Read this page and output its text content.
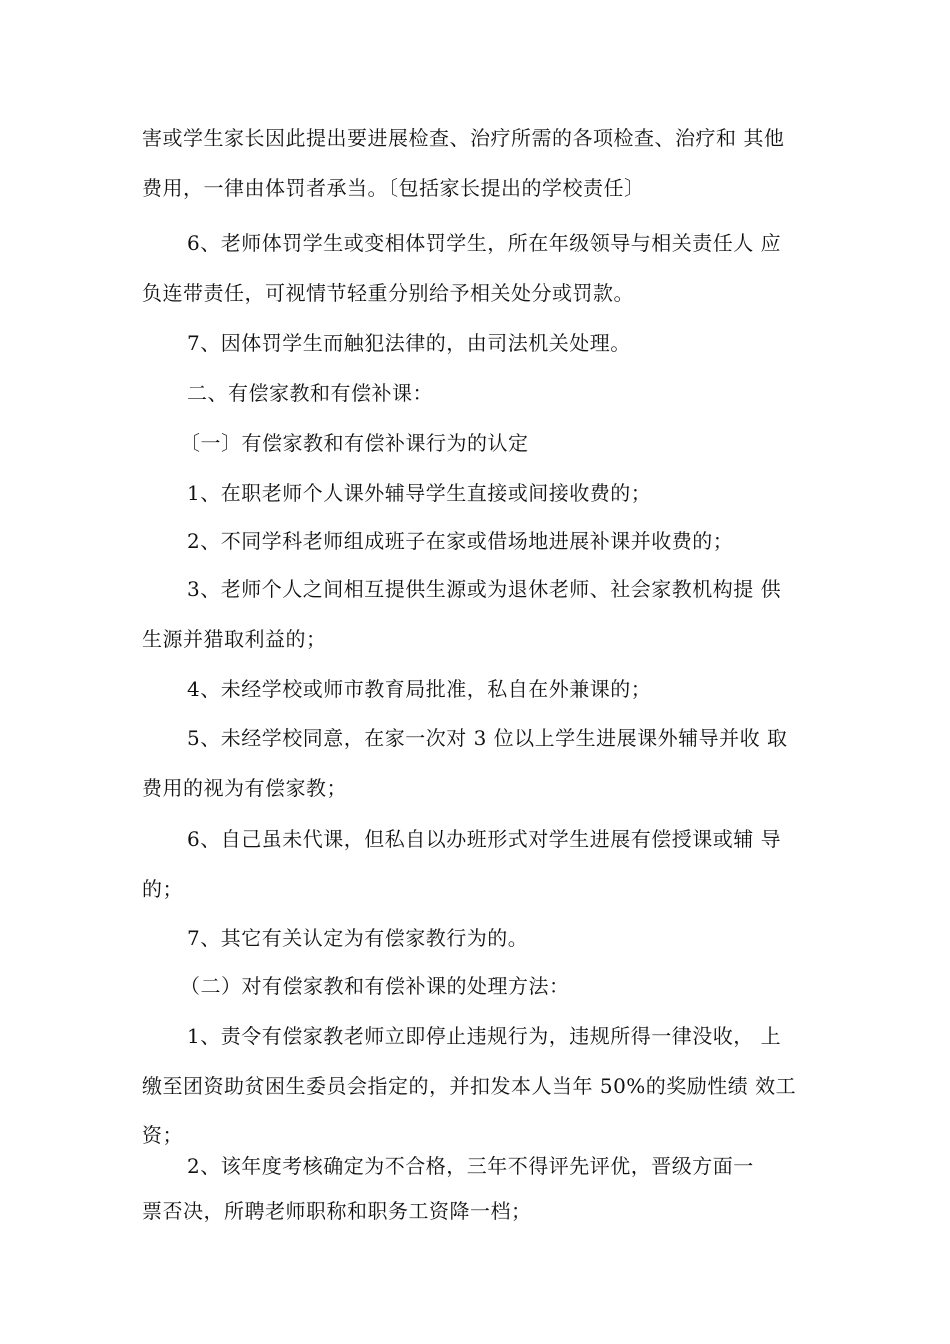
害或学生家长因此提出要进展检查、治疗所需的各项检查、治疗和 其他
费用，一律由体罚者承当。〔包括家长提出的学校责任〕
6、老师体罚学生或变相体罚学生，所在年级领导与相关责任人 应
负连带责任，可视情节轻重分别给予相关处分或罚款。
7、因体罚学生而触犯法律的，由司法机关处理。
二、有偿家教和有偿补课：
〔一〕有偿家教和有偿补课行为的认定
1、在职老师个人课外辅导学生直接或间接收费的；
2、不同学科老师组成班子在家或借场地进展补课并收费的；
3、老师个人之间相互提供生源或为退休老师、社会家教机构提 供
生源并猎取利益的；
4、未经学校或师市教育局批准，私自在外兼课的；
5、未经学校同意，在家一次对 3 位以上学生进展课外辅导并收 取
费用的视为有偿家教；
6、自己虽未代课，但私自以办班形式对学生进展有偿授课或辅 导
的；
7、其它有关认定为有偿家教行为的。
（二）对有偿家教和有偿补课的处理方法：
1、责令有偿家教老师立即停止违规行为，违规所得一律没收， 上
缴至团资助贫困生委员会指定的，并扣发本人当年 50%的奖励性绩 效工
资；
2、该年度考核确定为不合格，三年不得评先评优，晋级方面一
票否决，所聘老师职称和职务工资降一档；
